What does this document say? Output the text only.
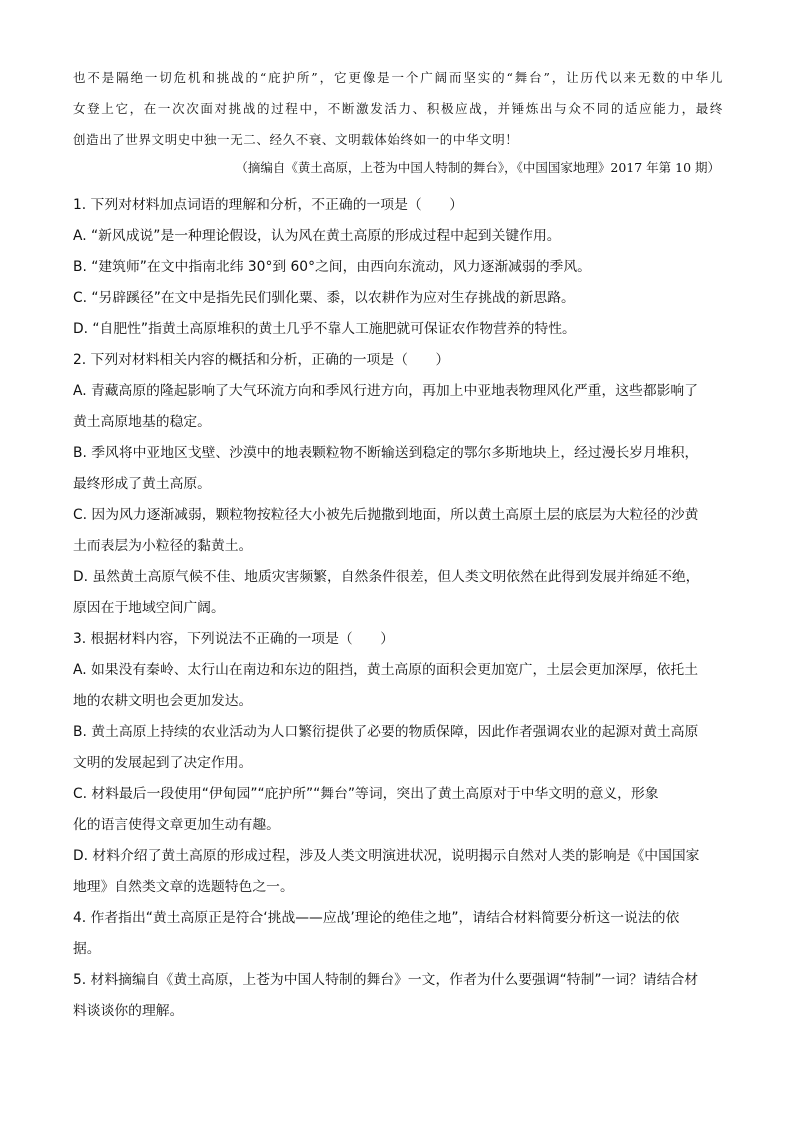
也不是隔绝一切危机和挑战的“庇护所”，它更像是一个广阔而坚实的“舞台”，让历代以来无数的中华儿

女登上它，在一次次面对挑战的过程中，不断激发活力、积极应战，并锤炼出与众不同的适应能力，最终

创造出了世界文明史中独一无二、经久不衰、文明载体始终如一的中华文明！

（摘编自《黄土高原，上苍为中国人特制的舞台》，《中国国家地理》2017 年第 10 期）
1. 下列对材料加点词语的理解和分析，不正确的一项是（　　）
A. “新风成说”是一种理论假设，认为风在黄土高原的形成过程中起到关键作用。
B. “建筑师”在文中指南北纬 30°到 60°之间，由西向东流动，风力逐渐减弱的季风。
C. “另辟蹊径”在文中是指先民们驯化粟、黍，以农耕作为应对生存挑战的新思路。
D. “自肥性”指黄土高原堆积的黄土几乎不靠人工施肥就可保证农作物营养的特性。
2. 下列对材料相关内容的概括和分析，正确的一项是（　　）
A. 青藏高原的隆起影响了大气环流方向和季风行进方向，再加上中亚地表物理风化严重，这些都影响了
黄土高原地基的稳定。
B. 季风将中亚地区戈壁、沙漠中的地表颗粒物不断输送到稳定的鄂尔多斯地块上，经过漫长岁月堆积，
最终形成了黄土高原。
C. 因为风力逐渐减弱，颗粒物按粒径大小被先后抛撒到地面，所以黄土高原土层的底层为大粒径的沙黄
土而表层为小粒径的黏黄土。
D. 虽然黄土高原气候不佳、地质灾害频繁，自然条件很差，但人类文明依然在此得到发展并绵延不绝，
原因在于地域空间广阔。
3. 根据材料内容，下列说法不正确的一项是（　　）
A. 如果没有秦岭、太行山在南边和东边的阻挡，黄土高原的面积会更加宽广，土层会更加深厚，依托土
地的农耕文明也会更加发达。
B. 黄土高原上持续的农业活动为人口繁衍提供了必要的物质保障，因此作者强调农业的起源对黄土高原
文明的发展起到了决定作用。
C. 材料最后一段使用“伊甸园”“庇护所”“舞台”等词，突出了黄土高原对于中华文明的意义，形象
化的语言使得文章更加生动有趣。
D. 材料介绍了黄土高原的形成过程，涉及人类文明演进状况，说明揭示自然对人类的影响是《中国国家
地理》自然类文章的选题特色之一。
4. 作者指出“黄土高原正是符合‘挑战——应战’理论的绝佳之地”，请结合材料简要分析这一说法的依
据。
5. 材料摘编自《黄土高原，上苍为中国人特制的舞台》一文，作者为什么要强调“特制”一词？请结合材
料谈谈你的理解。
